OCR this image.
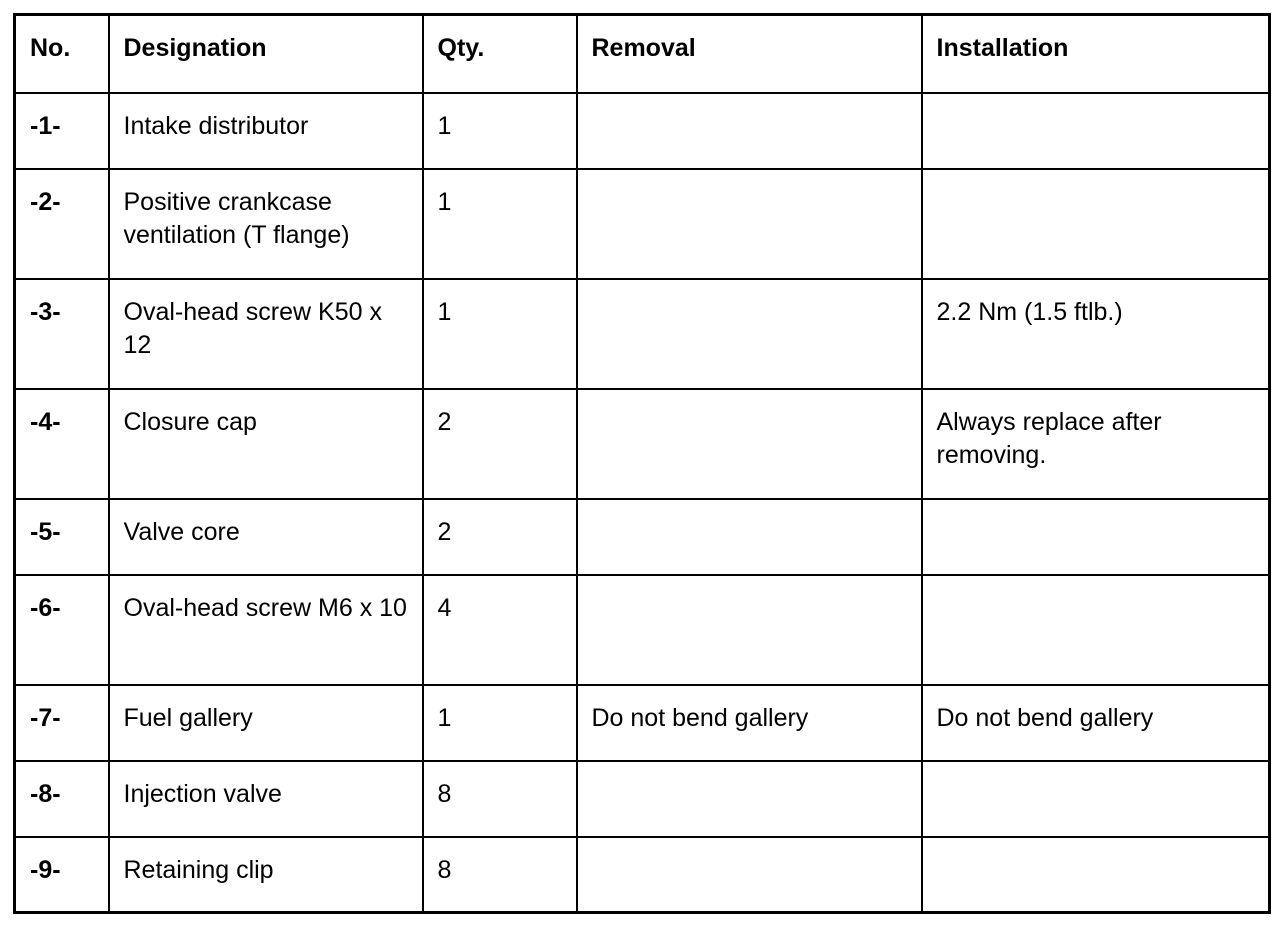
No.	Designation	Qty.	Removal	Installation
-1-	Intake distributor	1		
-2-	Positive crankcase ventilation (T flange)	1		
-3-	Oval-head screw K50 x 12	1		2.2 Nm (1.5 ftlb.)
-4-	Closure cap	2		Always replace after removing.
-5-	Valve core	2		
-6-	Oval-head screw M6 x 10	4		
-7-	Fuel gallery	1	Do not bend gallery	Do not bend gallery
-8-	Injection valve	8		
-9-	Retaining clip	8		
